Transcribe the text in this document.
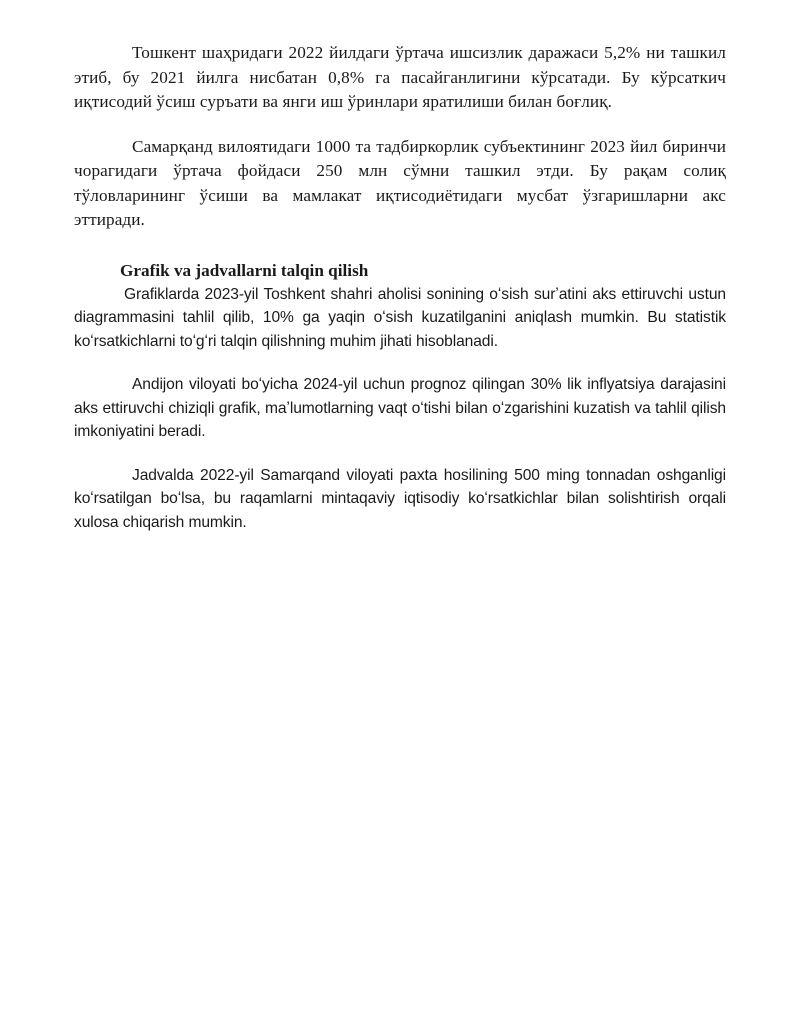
Тошкент шаҳридаги 2022 йилдаги ўртача ишсизлик даражаси 5,2% ни ташкил этиб, бу 2021 йилга нисбатан 0,8% га пасайганлигини кўрсатади. Бу кўрсаткич иқтисодий ўсиш суръати ва янги иш ўринлари яратилиши билан боғлиқ.

Самарқанд вилоятидаги 1000 та тадбиркорлик субъектининг 2023 йил биринчи чорагидаги ўртача фойдаси 250 млн сўмни ташкил этди. Бу рақам солиқ тўловларининг ўсиши ва мамлакат иқтисодиётидаги мусбат ўзгаришларни акс эттиради.

Grafik va jadvallarni talqin qilish

Grafiklarda 2023-yil Toshkent shahri aholisi sonining oʻsish surʼatini aks ettiruvchi ustun diagrammasini tahlil qilib, 10% ga yaqin oʻsish kuzatilganini aniqlash mumkin. Bu statistik koʻrsatkichlarni toʻgʻri talqin qilishning muhim jihati hisoblanadi.

Andijon viloyati boʻyicha 2024-yil uchun prognoz qilingan 30% lik inflyatsiya darajasini aks ettiruvchi chiziqli grafik, maʼlumotlarning vaqt oʻtishi bilan oʻzgarishini kuzatish va tahlil qilish imkoniyatini beradi.

Jadvalda 2022-yil Samarqand viloyati paxta hosilining 500 ming tonnadan oshganligi koʻrsatilgan boʻlsa, bu raqamlarni mintaqaviy iqtisodiy koʻrsatkichlar bilan solishtirish orqali xulosa chiqarish mumkin.
